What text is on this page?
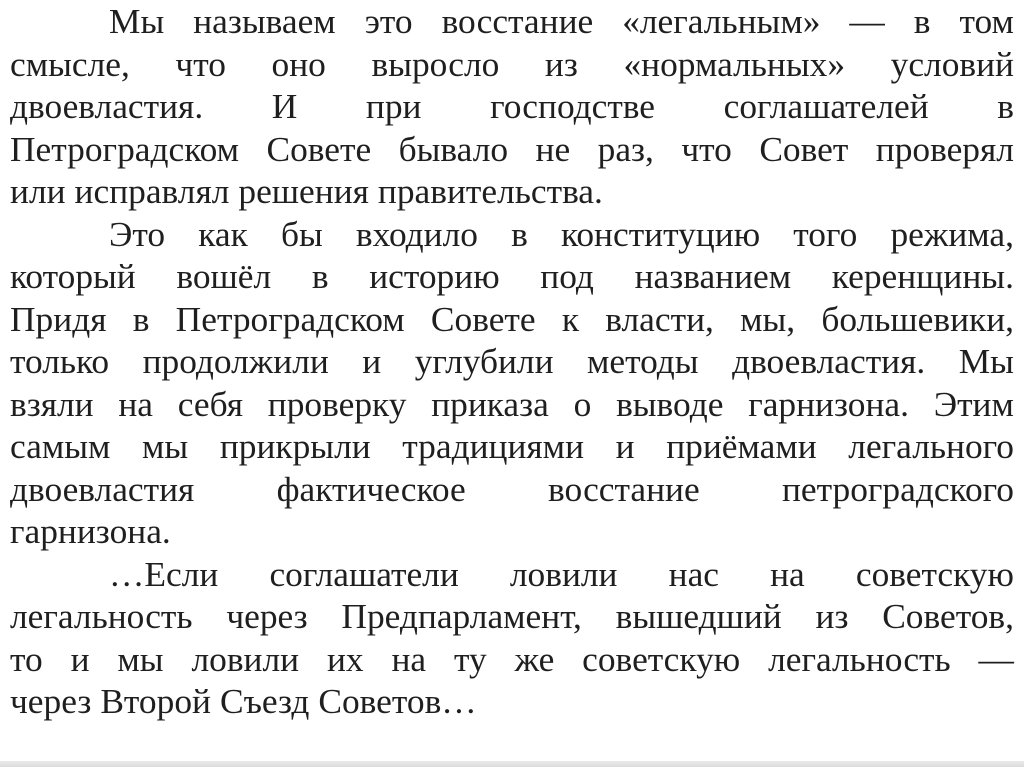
Мы называем это восстание «легальным» — в том
смысле, что оно выросло из «нормальных» условий
двоевластия. И при господстве соглашателей в
Петроградском Совете бывало не раз, что Совет проверял
или исправлял решения правительства.
Это как бы входило в конституцию того режима,
который вошёл в историю под названием керенщины.
Придя в Петроградском Совете к власти, мы, большевики,
только продолжили и углубили методы двоевластия. Мы
взяли на себя проверку приказа о выводе гарнизона. Этим
самым мы прикрыли традициями и приёмами легального
двоевластия фактическое восстание петроградского
гарнизона.
…Если соглашатели ловили нас на советскую
легальность через Предпарламент, вышедший из Советов,
то и мы ловили их на ту же советскую легальность —
через Второй Съезд Советов…
